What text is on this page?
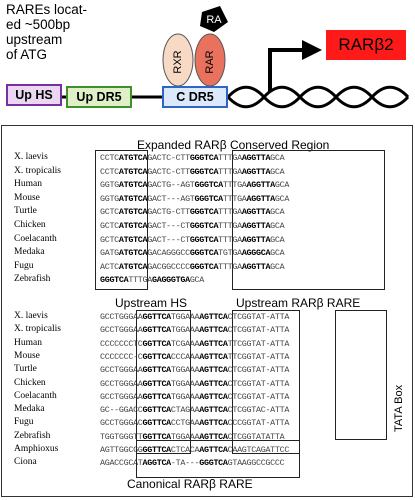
RAREs locat-
ed ~500bp
upstream
of ATG	RXR RAR
RA
Up HS	Up DR5	C DR5
RARβ2
Expanded RARβ Conserved Region
X. laevis	CCTCATGTCAGACTC-CTTGGGTCATTTGAAGGTTAGCA
X. tropicalis	CCTCATGTCAGACTC-CTTGGGTCATTTGAAGGTTAGCA
Human	GGTGATGTCAGACTG--AGTGGGTCATTTGAAGGTTAGCA
Mouse	GGTGATGTCAGACT---AGTGGGTCATTTGAAGGTTAGCA
Turtle	GCTCATGTCAGACTG-CTTGGGTCATTTGAAGGTTAGCA
Chicken	GCTCATGTCAGACT---CTGGGTCATTTGAAGGTTAGCA
Coelacanth	GCTCATGTCAGACT---CTGGGTCATTTGAAGGTTAGCA
Medaka	GATGATGTCAGACAGGGCCGGGTCATGTGAAGGGCAGCA
Fugu	ACTCATGTCAGACGGCCCCGGGTCATTTGAAGGTTAGCA
Zebrafish	GGGTCATTTGAGAGGGTGAGCA
Upstream HS	Upstream RARβ RARE
X. laevis	GCCTGGGAAGGTTCATGGAAAAGTTCACTCGGTAT-ATTA
X. tropicalis	GCCTGGGAAGGTTCATGGAAAAGTTCACTCGGTAT-ATTA
Human	CCCCCCCTCGGTTCATCGAAAAGTTCATTCGGTAT-ATTA
Mouse	CCCCCCC-CGGTTCACCCAAAAGTTCATTCGGTAT-ATTA
Turtle	GCCTGGGAAGGTTCATGGAAAAGTTCACTCGGTAT-ATTA
Chicken	GCCTGGGAAGGTTCATGGAAAAGTTCACTCGGTAT-ATTA
Coelacanth	GCCTGGGAAGGTTCATGGAAAAGTTCACTCGGTAT-ATTA
Medaka	GC--GGACCGGTTCACTAGAAAGTTCACTCGGTAC-ATTA
Fugu	GCCTGGGACGGTTCACCTGAAAGTTCACCCGGTAT-ATTA
Zebrafish	TGGTGGGTTGGTTCATGGAAAAGTTCACTCGGTATATTA
Amphioxus	AGTTGGCGGGGTTCACTCACAAGTTCACAAGTCAGATTCC
Ciona	AGACCGCATAGGTCA-TA---GGGTCAGTAAGGCCGCCC
Canonical RARβ RARE
TATA Box
